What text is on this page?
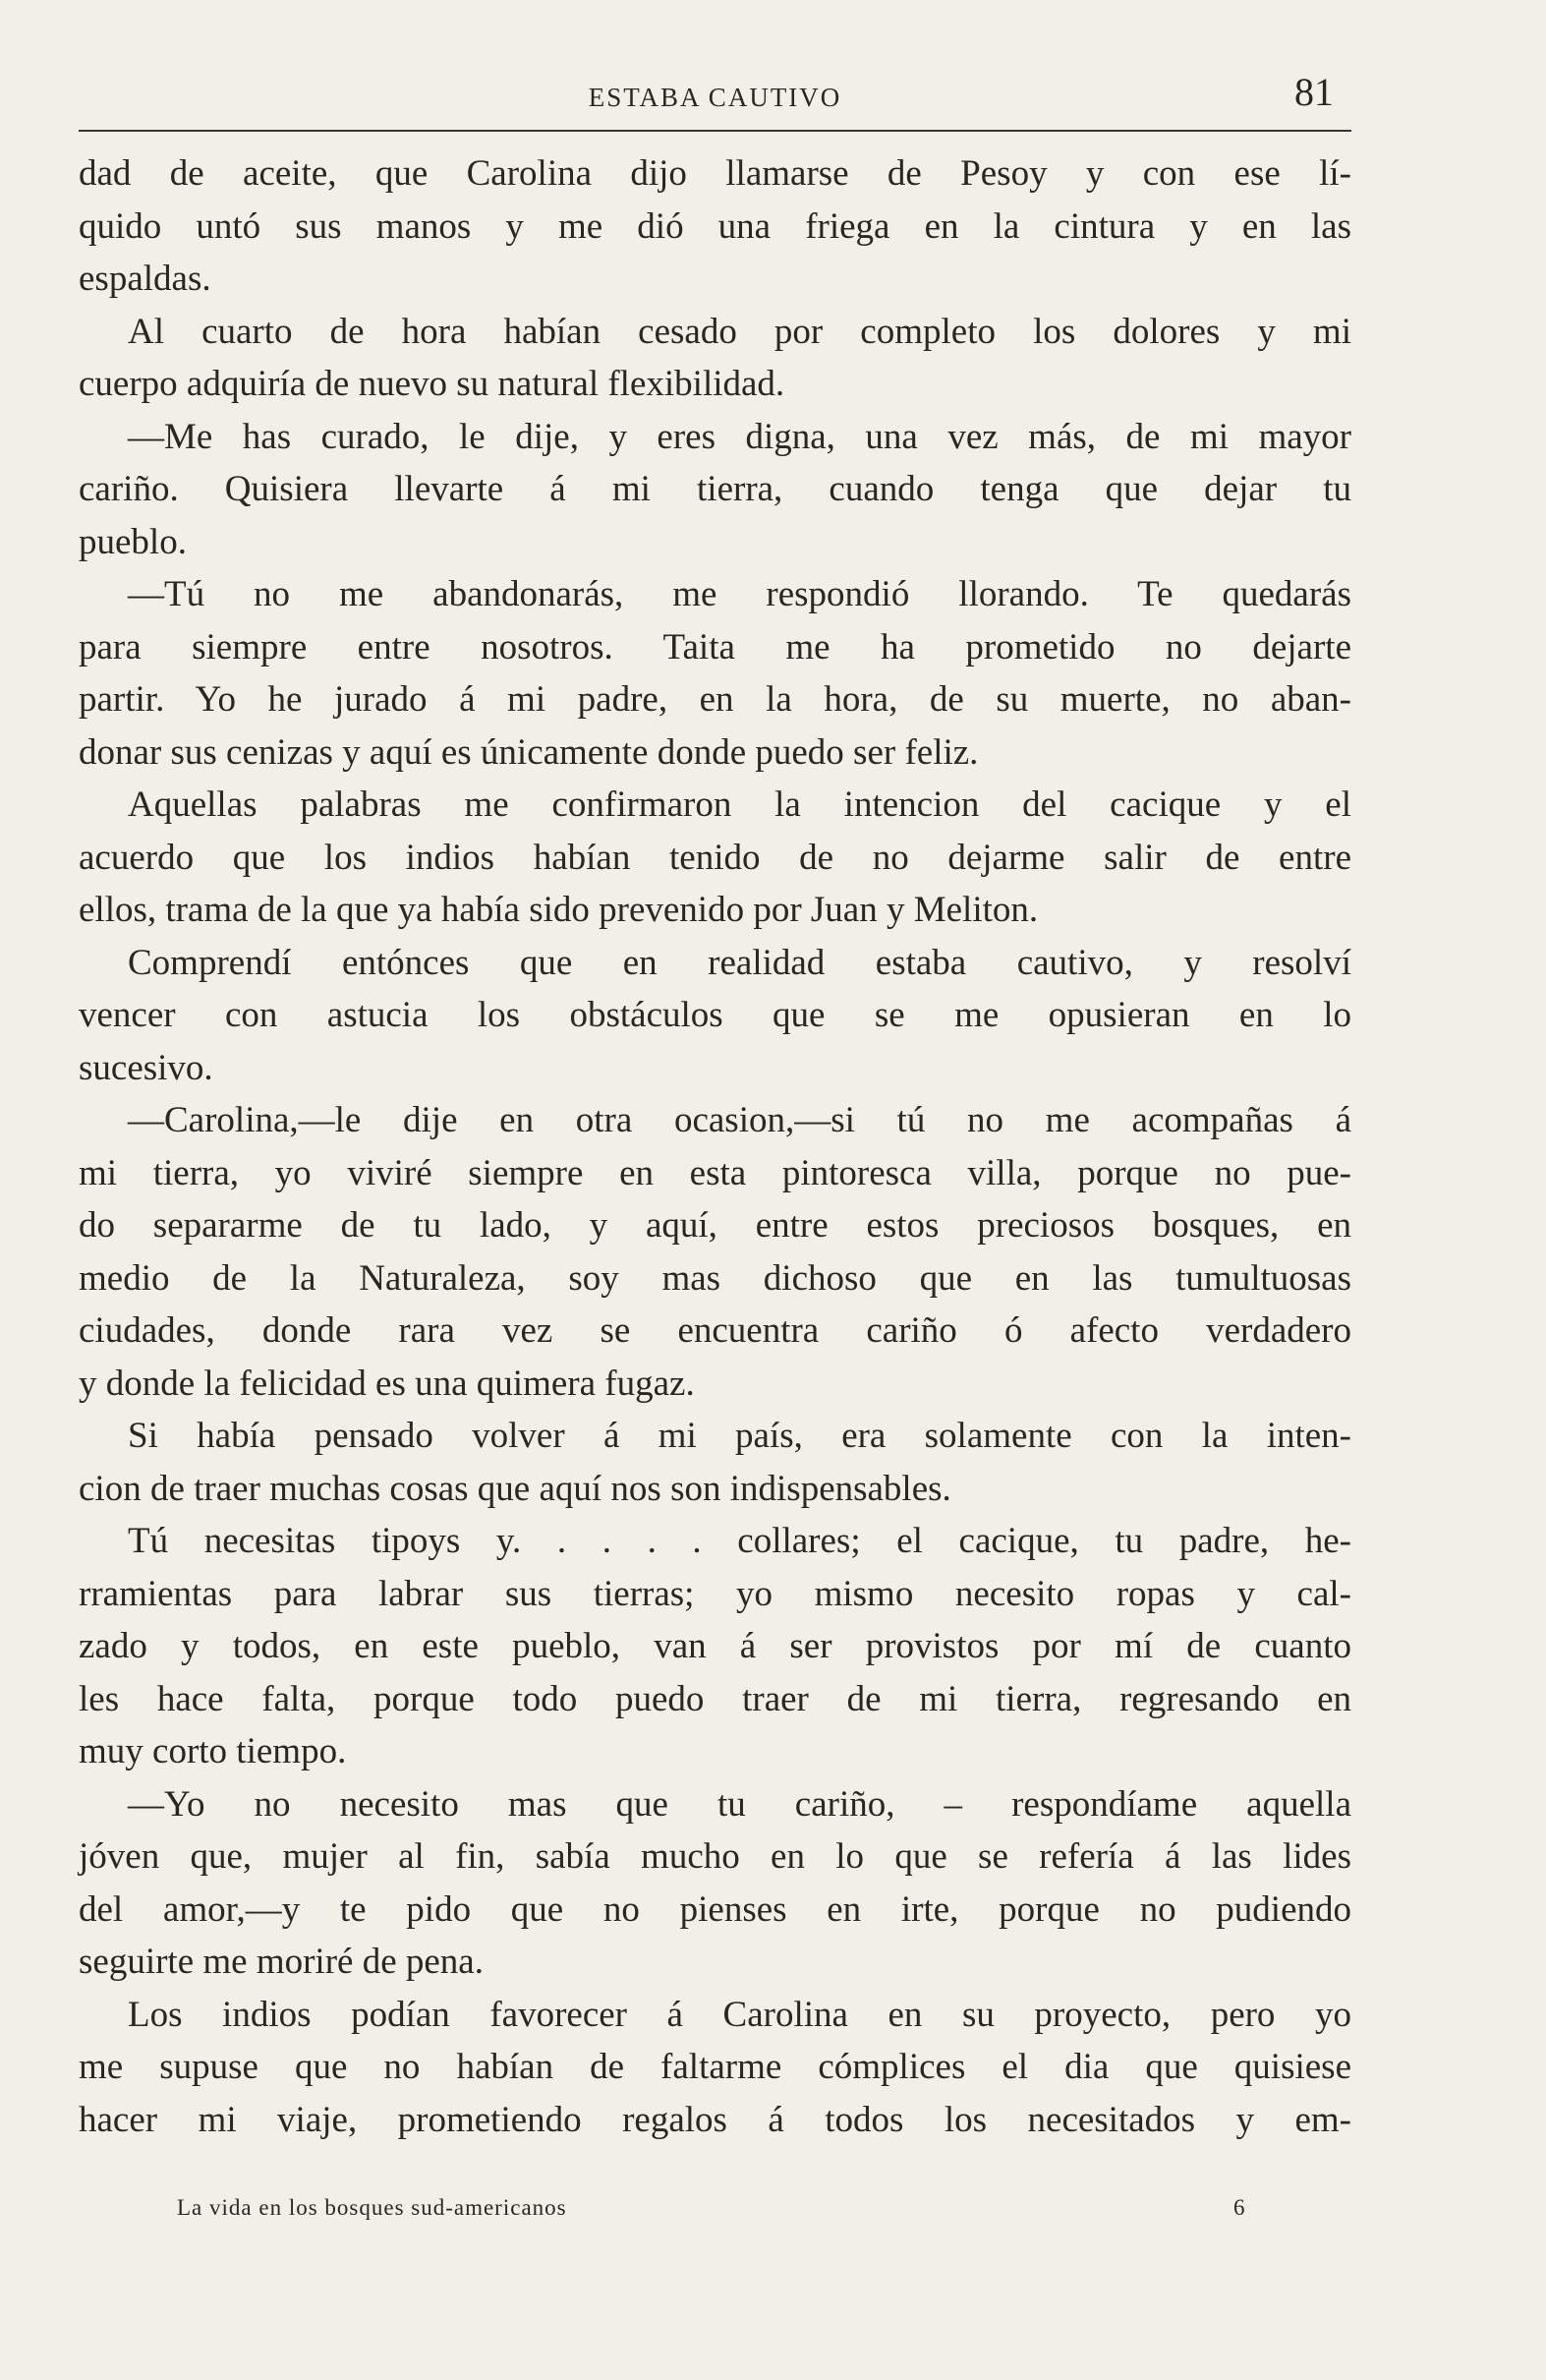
ESTABA CAUTIVO	81
dad de aceite, que Carolina dijo llamarse de Pesoy y con ese lí-
quido untó sus manos y me dió una friega en la cintura y en las
espaldas.
Al cuarto de hora habían cesado por completo los dolores y mi
cuerpo adquiría de nuevo su natural flexibilidad.
—Me has curado, le dije, y eres digna, una vez más, de mi mayor
cariño. Quisiera llevarte á mi tierra, cuando tenga que dejar tu
pueblo.
—Tú no me abandonarás, me respondió llorando. Te quedarás
para siempre entre nosotros. Taita me ha prometido no dejarte
partir. Yo he jurado á mi padre, en la hora, de su muerte, no aban-
donar sus cenizas y aquí es únicamente donde puedo ser feliz.
Aquellas palabras me confirmaron la intencion del cacique y el
acuerdo que los indios habían tenido de no dejarme salir de entre
ellos, trama de la que ya había sido prevenido por Juan y Meliton.
Comprendí entónces que en realidad estaba cautivo, y resolví
vencer con astucia los obstáculos que se me opusieran en lo
sucesivo.
—Carolina,—le dije en otra ocasion,—si tú no me acompañas á
mi tierra, yo viviré siempre en esta pintoresca villa, porque no pue-
do separarme de tu lado, y aquí, entre estos preciosos bosques, en
medio de la Naturaleza, soy mas dichoso que en las tumultuosas
ciudades, donde rara vez se encuentra cariño ó afecto verdadero
y donde la felicidad es una quimera fugaz.
Si había pensado volver á mi país, era solamente con la inten-
cion de traer muchas cosas que aquí nos son indispensables.
Tú necesitas tipoys y. . . . . collares; el cacique, tu padre, he-
rramientas para labrar sus tierras; yo mismo necesito ropas y cal-
zado y todos, en este pueblo, van á ser provistos por mí de cuanto
les hace falta, porque todo puedo traer de mi tierra, regresando en
muy corto tiempo.
—Yo no necesito mas que tu cariño, – respondíame aquella
jóven que, mujer al fin, sabía mucho en lo que se refería á las lides
del amor,—y te pido que no pienses en irte, porque no pudiendo
seguirte me moriré de pena.
Los indios podían favorecer á Carolina en su proyecto, pero yo
me supuse que no habían de faltarme cómplices el dia que quisiese
hacer mi viaje, prometiendo regalos á todos los necesitados y em-
La vida en los bosques sud-americanos	6
